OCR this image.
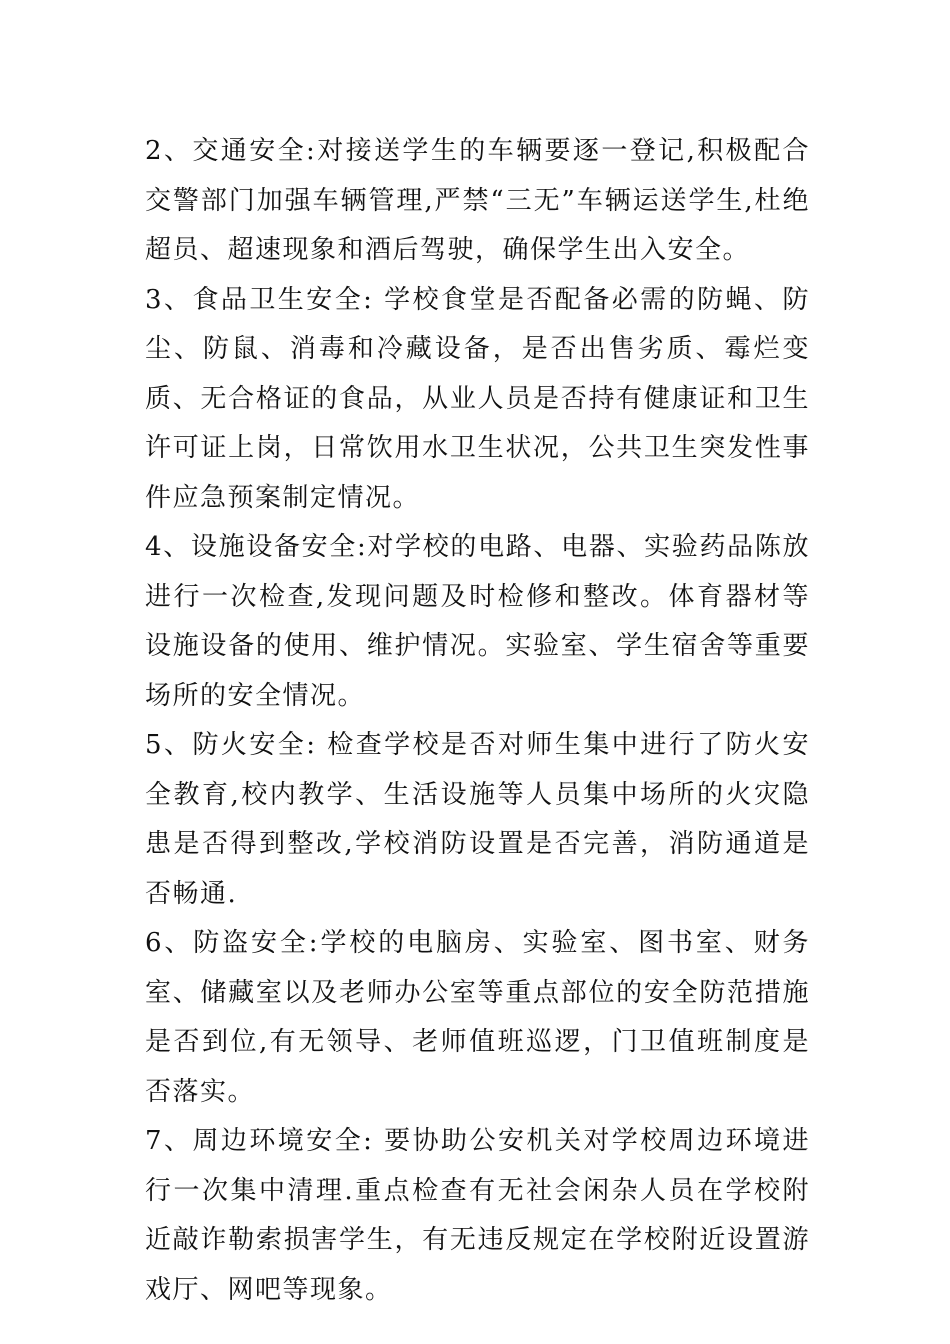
2、交通安全:对接送学生的车辆要逐一登记,积极配合交警部门加强车辆管理,严禁“三无”车辆运送学生,杜绝超员、超速现象和酒后驾驶，确保学生出入安全。

3、食品卫生安全: 学校食堂是否配备必需的防蝇、防尘、防鼠、消毒和冷藏设备，是否出售劣质、霉烂变质、无合格证的食品，从业人员是否持有健康证和卫生许可证上岗，日常饮用水卫生状况，公共卫生突发性事件应急预案制定情况。

4、设施设备安全:对学校的电路、电器、实验药品陈放进行一次检查,发现问题及时检修和整改。体育器材等设施设备的使用、维护情况。实验室、学生宿舍等重要场所的安全情况。

5、防火安全: 检查学校是否对师生集中进行了防火安全教育,校内教学、生活设施等人员集中场所的火灾隐患是否得到整改,学校消防设置是否完善，消防通道是否畅通.

6、防盗安全:学校的电脑房、实验室、图书室、财务室、储藏室以及老师办公室等重点部位的安全防范措施是否到位,有无领导、老师值班巡逻，门卫值班制度是否落实。

7、周边环境安全: 要协助公安机关对学校周边环境进行一次集中清理.重点检查有无社会闲杂人员在学校附近敲诈勒索损害学生，有无违反规定在学校附近设置游戏厅、网吧等现象。
